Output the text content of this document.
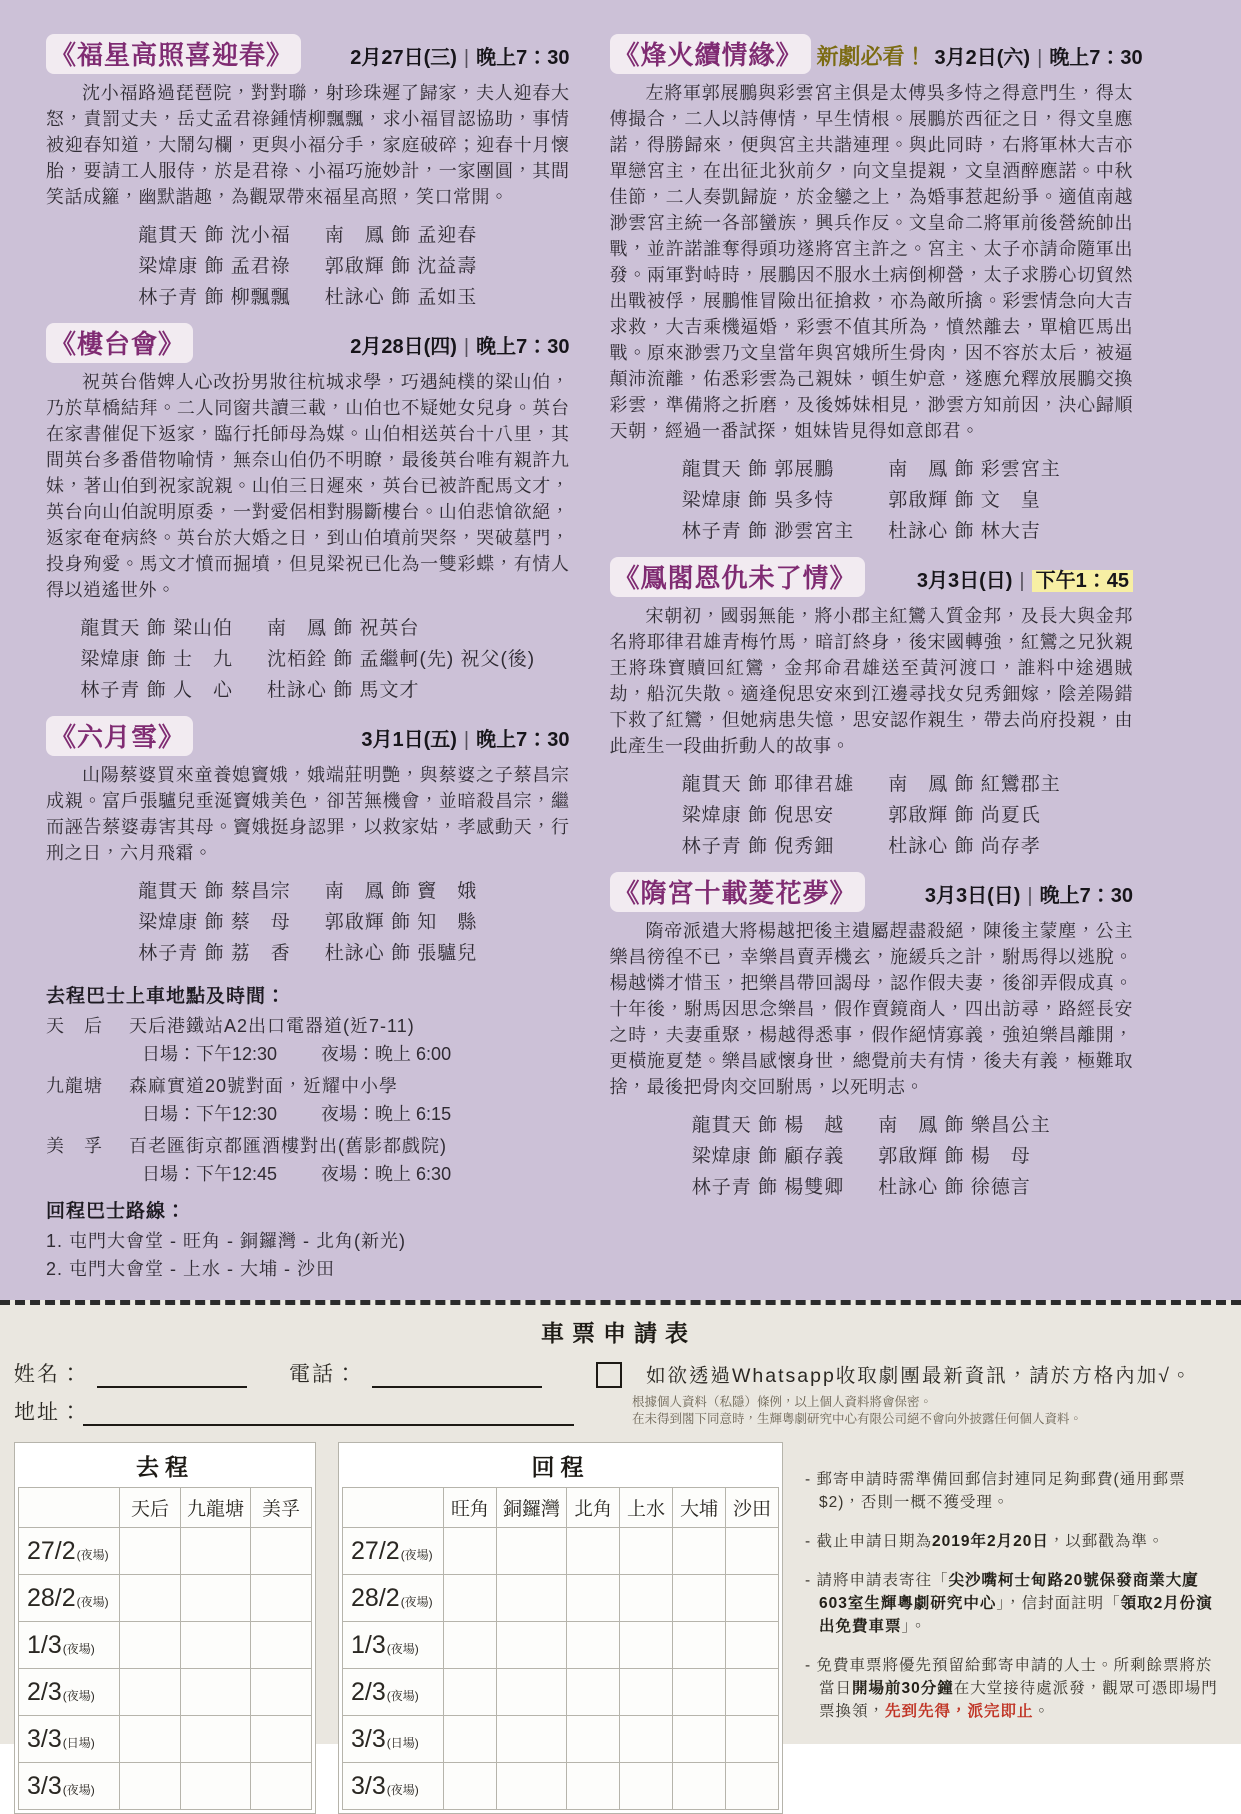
《福星高照喜迎春》	2月27日(三) | 晚上7：30

沈小福路過琵琶院，對對聯，射珍珠遲了歸家，夫人迎春大怒，責罰丈夫，岳丈孟君祿鍾情柳飄飄，求小福冒認協助，事情被迎春知道，大鬧勾欄，更與小福分手，家庭破碎；迎春十月懷胎，要請工人服侍，於是君祿、小福巧施妙計，一家團圓，其間笑話成籮，幽默諧趣，為觀眾帶來福星高照，笑口常開。

龍貫天 飾 沈小福 南　鳳 飾 孟迎春
梁煒康 飾 孟君祿 郭啟輝 飾 沈益壽
林子青 飾 柳飄飄 杜詠心 飾 孟如玉
《樓台會》	2月28日(四) | 晚上7：30

祝英台偕婢人心改扮男妝往杭城求學，巧遇純樸的梁山伯，乃於草橋結拜。二人同窗共讀三載，山伯也不疑她女兒身。英台在家書催促下返家，臨行托師母為媒。山伯相送英台十八里，其間英台多番借物喻情，無奈山伯仍不明瞭，最後英台唯有親許九妹，著山伯到祝家說親。山伯三日遲來，英台已被許配馬文才，英台向山伯說明原委，一對愛侶相對腸斷樓台。山伯悲愴欲絕，返家奄奄病終。英台於大婚之日，到山伯墳前哭祭，哭破墓門，投身殉愛。馬文才憤而掘墳，但見梁祝已化為一雙彩蝶，有情人得以逍遙世外。

龍貫天 飾 梁山伯 南　鳳 飾 祝英台
梁煒康 飾 士　九 沈栢銓 飾 孟繼軻(先) 祝父(後)
林子青 飾 人　心 杜詠心 飾 馬文才
《六月雪》	3月1日(五) | 晚上7：30

山陽蔡婆買來童養媳竇娥，娥端莊明艷，與蔡婆之子蔡昌宗成親。富戶張驢兒垂涎竇娥美色，卻苦無機會，並暗殺昌宗，繼而誣告蔡婆毒害其母。竇娥挺身認罪，以救家姑，孝感動天，行刑之日，六月飛霜。

龍貫天 飾 蔡昌宗 南　鳳 飾 竇　娥
梁煒康 飾 蔡　母 郭啟輝 飾 知　縣
林子青 飾 荔　香 杜詠心 飾 張驢兒
去程巴士上車地點及時間：
天　后 天后港鐵站A2出口電器道(近7-11)
日場：下午12:30 夜場：晚上 6:00
九龍塘 森麻實道20號對面，近耀中小學
日場：下午12:30 夜場：晚上 6:15
美　孚 百老匯街京都匯酒樓對出(舊影都戲院)
日場：下午12:45 夜場：晚上 6:30
回程巴士路線：
1. 屯門大會堂 - 旺角 - 銅鑼灣 - 北角(新光)
2. 屯門大會堂 - 上水 - 大埔 - 沙田
《烽火續情緣》 新劇必看！ 3月2日(六) | 晚上7：30

左將軍郭展鵬與彩雲宮主俱是太傅吳多恃之得意門生，得太傅撮合，二人以詩傳情，早生情根。展鵬於西征之日，得文皇應諾，得勝歸來，便與宮主共諧連理。與此同時，右將軍林大吉亦單戀宮主，在出征北狄前夕，向文皇提親，文皇酒醉應諾。中秋佳節，二人奏凱歸旋，於金鑾之上，為婚事惹起紛爭。適值南越渺雲宮主統一各部蠻族，興兵作反。文皇命二將軍前後營統帥出戰，並許諾誰奪得頭功遂將宮主許之。宮主、太子亦請命隨軍出發。兩軍對峙時，展鵬因不服水土病倒柳營，太子求勝心切貿然出戰被俘，展鵬惟冒險出征搶救，亦為敵所擒。彩雲情急向大吉求救，大吉乘機逼婚，彩雲不值其所為，憤然離去，單槍匹馬出戰。原來渺雲乃文皇當年與宮娥所生骨肉，因不容於太后，被逼顛沛流離，佑悉彩雲為己親妹，頓生妒意，遂應允釋放展鵬交換彩雲，準備將之折磨，及後姊妹相見，渺雲方知前因，決心歸順天朝，經過一番試探，姐妹皆見得如意郎君。

龍貫天 飾 郭展鵬	南　鳳 飾 彩雲宮主
梁煒康 飾 吳多恃	郭啟輝 飾 文　皇
林子青 飾 渺雲宮主 杜詠心 飾 林大吉
《鳳閣恩仇未了情》	3月3日(日) | 下午1：45

宋朝初，國弱無能，將小郡主紅鸞入質金邦，及長大與金邦名將耶律君雄青梅竹馬，暗訂終身，後宋國轉強，紅鸞之兄狄親王將珠寶贖回紅鸞，金邦命君雄送至黃河渡口，誰料中途遇賊劫，船沉失散。適逢倪思安來到江邊尋找女兒秀鈿嫁，陰差陽錯下救了紅鸞，但她病患失憶，思安認作親生，帶去尚府投親，由此產生一段曲折動人的故事。

龍貫天 飾 耶律君雄 南　鳳 飾 紅鸞郡主
梁煒康 飾 倪思安	郭啟輝 飾 尚夏氏
林子青 飾 倪秀鈿	杜詠心 飾 尚存孝
《隋宮十載菱花夢》	3月3日(日) | 晚上7：30

隋帝派遣大將楊越把後主遺屬趕盡殺絕，陳後主蒙塵，公主樂昌徬徨不已，幸樂昌賣弄機玄，施緩兵之計，駙馬得以逃脫。楊越憐才惜玉，把樂昌帶回謁母，認作假夫妻，後卻弄假成真。十年後，駙馬因思念樂昌，假作賣鏡商人，四出訪尋，路經長安之時，夫妻重聚，楊越得悉事，假作絕情寡義，強迫樂昌離開，更橫施夏楚。樂昌感懷身世，總覺前夫有情，後夫有義，極難取捨，最後把骨肉交回駙馬，以死明志。

龍貫天 飾 楊　越 南　鳳 飾 樂昌公主
梁煒康 飾 顧存義 郭啟輝 飾 楊　母
林子青 飾 楊雙卿 杜詠心 飾 徐德言
車票申請表
姓名：	電話：	如欲透過Whatsapp收取劇團最新資訊，請於方格內加√。
地址：	根據個人資料（私隱）條例，以上個人資料將會保密。
在未得到閣下同意時，生輝粵劇研究中心有限公司絕不會向外披露任何個人資料。
去程
	天后	九龍塘	美孚
27/2(夜場)			
28/2(夜場)			
1/3(夜場)			
2/3(夜場)			
3/3(日場)			
3/3(夜場)			
回程
	旺角	銅鑼灣	北角	上水	大埔	沙田
27/2(夜場)						
28/2(夜場)						
1/3(夜場)						
2/3(夜場)						
3/3(日場)						
3/3(夜場)						
- 郵寄申請時需準備回郵信封連同足夠郵費(通用郵票 $2)，否則一概不獲受理。
- 截止申請日期為2019年2月20日，以郵戳為準。
- 請將申請表寄往「尖沙嘴柯士甸路20號保發商業大廈603室生輝粵劇研究中心」，信封面註明「領取2月份演出免費車票」。
- 免費車票將優先預留給郵寄申請的人士。所剩餘票將於當日開場前30分鐘在大堂接待處派發，觀眾可憑即場門票換領，先到先得，派完即止。
